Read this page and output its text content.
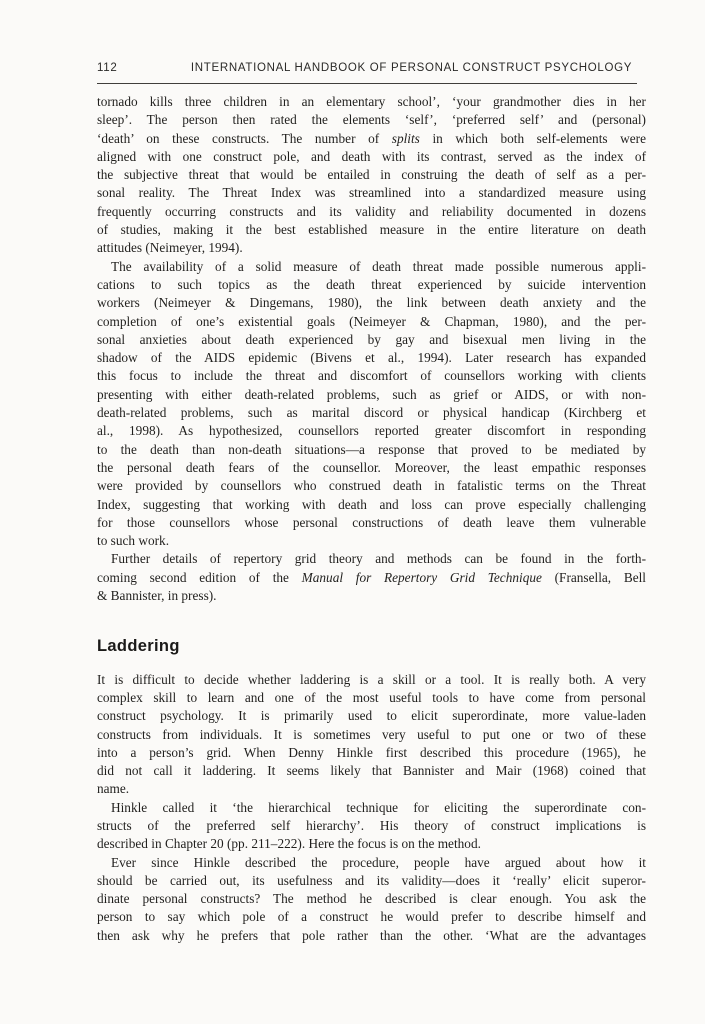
112	INTERNATIONAL HANDBOOK OF PERSONAL CONSTRUCT PSYCHOLOGY
tornado kills three children in an elementary school’, ‘your grandmother dies in her
sleep’. The person then rated the elements ‘self’, ‘preferred self’ and (personal)
‘death’ on these constructs. The number of splits in which both self-elements were
aligned with one construct pole, and death with its contrast, served as the index of
the subjective threat that would be entailed in construing the death of self as a per-
sonal reality. The Threat Index was streamlined into a standardized measure using
frequently occurring constructs and its validity and reliability documented in dozens
of studies, making it the best established measure in the entire literature on death
attitudes (Neimeyer, 1994).
The availability of a solid measure of death threat made possible numerous appli-
cations to such topics as the death threat experienced by suicide intervention
workers (Neimeyer & Dingemans, 1980), the link between death anxiety and the
completion of one’s existential goals (Neimeyer & Chapman, 1980), and the per-
sonal anxieties about death experienced by gay and bisexual men living in the
shadow of the AIDS epidemic (Bivens et al., 1994). Later research has expanded
this focus to include the threat and discomfort of counsellors working with clients
presenting with either death-related problems, such as grief or AIDS, or with non-
death-related problems, such as marital discord or physical handicap (Kirchberg et
al., 1998). As hypothesized, counsellors reported greater discomfort in responding
to the death than non-death situations—a response that proved to be mediated by
the personal death fears of the counsellor. Moreover, the least empathic responses
were provided by counsellors who construed death in fatalistic terms on the Threat
Index, suggesting that working with death and loss can prove especially challenging
for those counsellors whose personal constructions of death leave them vulnerable
to such work.
Further details of repertory grid theory and methods can be found in the forth-
coming second edition of the Manual for Repertory Grid Technique (Fransella, Bell
& Bannister, in press).
Laddering
It is difficult to decide whether laddering is a skill or a tool. It is really both. A very
complex skill to learn and one of the most useful tools to have come from personal
construct psychology. It is primarily used to elicit superordinate, more value-laden
constructs from individuals. It is sometimes very useful to put one or two of these
into a person’s grid. When Denny Hinkle first described this procedure (1965), he
did not call it laddering. It seems likely that Bannister and Mair (1968) coined that
name.
Hinkle called it ‘the hierarchical technique for eliciting the superordinate con-
structs of the preferred self hierarchy’. His theory of construct implications is
described in Chapter 20 (pp. 211–222). Here the focus is on the method.
Ever since Hinkle described the procedure, people have argued about how it
should be carried out, its usefulness and its validity—does it ‘really’ elicit superor-
dinate personal constructs? The method he described is clear enough. You ask the
person to say which pole of a construct he would prefer to describe himself and
then ask why he prefers that pole rather than the other. ‘What are the advantages
